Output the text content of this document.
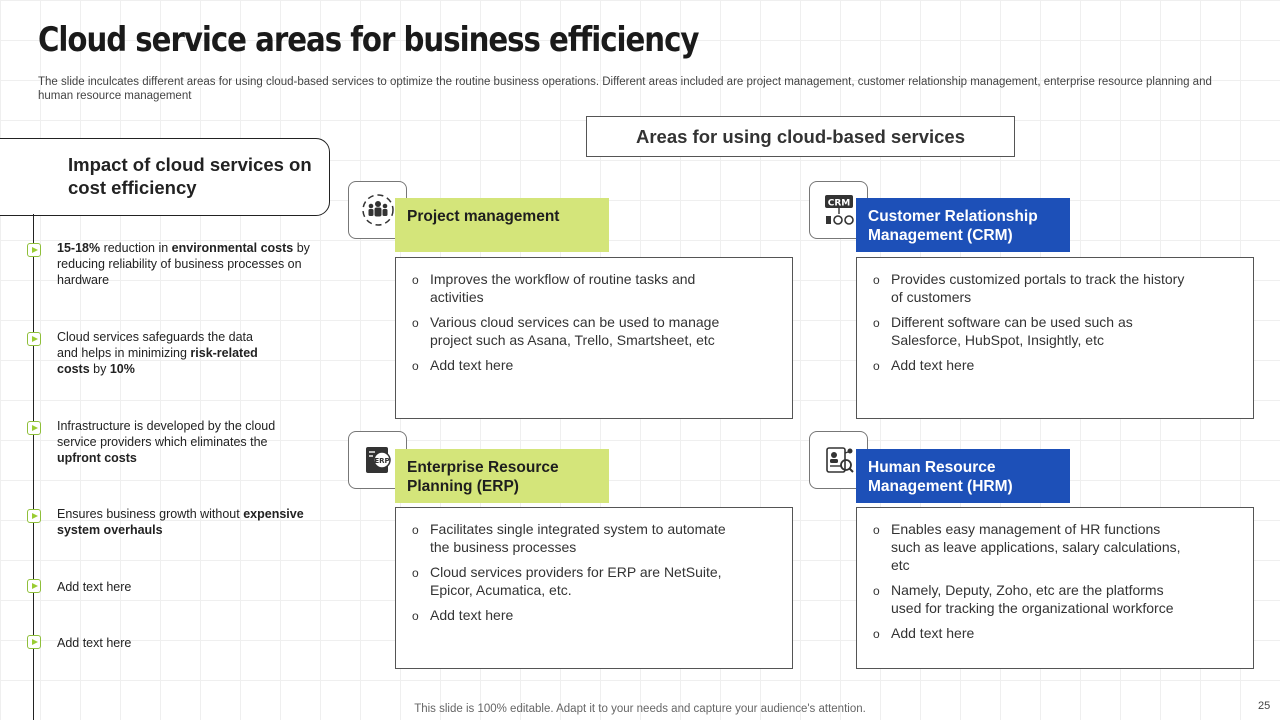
Cloud service areas for business efficiency
The slide inculcates different areas for using cloud-based services to optimize the routine business operations. Different areas included are project management, customer relationship management, enterprise resource planning and human resource management
Impact of cloud services on cost efficiency
15-18% reduction in environmental costs by reducing reliability of business processes on hardware
Cloud services safeguards the data and helps in minimizing risk-related costs by 10%
Infrastructure is developed by the cloud service providers which eliminates the upfront costs
Ensures business growth without expensive system overhauls
Add text here
Add text here
Areas for using cloud-based services
Project management
o Improves the workflow of routine tasks and activities
o Various cloud services can be used to manage project such as Asana, Trello, Smartsheet, etc
o Add text here
CRM
Customer Relationship Management (CRM)
o Provides customized portals to track the history of customers
o Different software can be used such as Salesforce, HubSpot, Insightly, etc
o Add text here
ERP	Enterprise Resource Planning (ERP)
o Facilitates single integrated system to automate the business processes
o Cloud services providers for ERP are NetSuite, Epicor, Acumatica, etc.
o Add text here
Human Resource Management (HRM)
o Enables easy management of HR functions such as leave applications, salary calculations, etc
o Namely, Deputy, Zoho, etc are the platforms used for tracking the organizational workforce
o Add text here
This slide is 100% editable. Adapt it to your needs and capture your audience's attention.	25
